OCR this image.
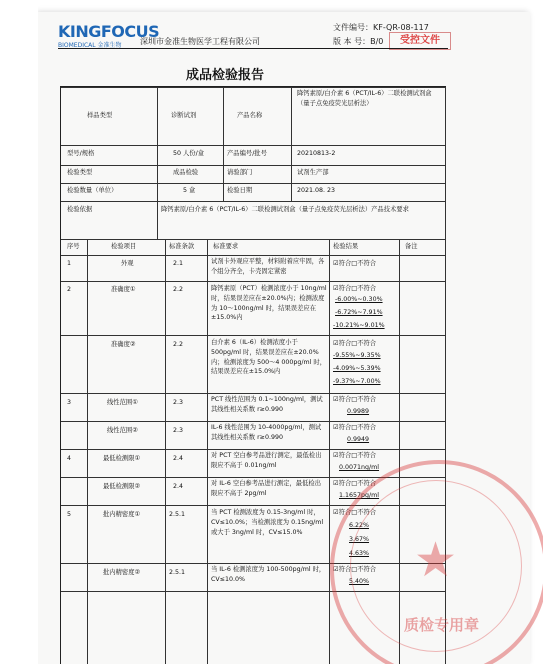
KINGFOCUS
BIOMEDICAL 金准生物 深圳市金准生物医学工程有限公司
文件编号：KF-QR-08-117
版 本 号：B/0	受控文件
成品检验报告
样品类型	诊断试剂	产品名称
降钙素原/白介素 6（PCT/IL-6）二联检测试剂盒（量子点免疫荧光层析法）
型号/规格	50 人份/盒	产品编号/批号	20210813-2
检验类型	成品检验	请验部门	试剂生产部
检验数量（单位）	5 盒	检验日期	2021.08. 23
检验依据	降钙素原/白介素 6（PCT/IL-6）二联检测试剂盒（量子点免疫荧光层析法）产品技术要求
序号	检验项目	标准条款	标准要求	检验结果	备注
1	外观	2.1	试剂卡外观应平整，材料附着应牢固，各个组分齐全，卡壳固定紧密
☑符合□不符合
2	准确度①	2.2	降钙素原（PCT）检测浓度小于 10ng/ml 时，结果误差应在±20.0%内；检测浓度为 10～100ng/ml 时，结果误差应在±15.0%内
☑符合□不符合
-6.00%~0.30%
-6.72%~7.91%
-10.21%~9.01%
准确度②	2.2	白介素 6（IL-6）检测浓度小于 500pg/ml 时，结果误差应在±20.0%内；检测浓度为 500～4 000pg/ml 时，结果误差应在±15.0%内
☑符合□不符合
-9.55%~9.35%
-4.09%~5.39%
-9.37%~7.00%
3	线性范围①	2.3	PCT 线性范围为 0.1~100ng/ml，测试其线性相关系数 r≥0.990
☑符合□不符合
0.9989
线性范围②	2.3	IL-6 线性范围为 10-4000pg/ml，测试其线性相关系数 r≥0.990
☑符合□不符合
0.9949
4	最低检测限①	2.4	对 PCT 空白参考品进行测定，最低检出限应不高于 0.01ng/ml
☑符合□不符合
0.0071ng/ml
最低检测限②	2.4	对 IL-6 空白参考品进行测定，最低检出限应不高于 2pg/ml
☑符合□不符合
1.1657pg/ml
5	批内精密度①	2.5.1	当 PCT 检测浓度为 0.15-3ng/ml 时，CV≤10.0%；当检测浓度为 0.15ng/ml 或大于 3ng/ml 时，CV≤15.0%
☑符合□不符合
6.22%
3.67%
4.63%
批内精密度②	2.5.1	当 IL-6 检测浓度为 100-500pg/ml 时，CV≤10.0%
☑符合□不符合
5.40% ★
质检专用章
